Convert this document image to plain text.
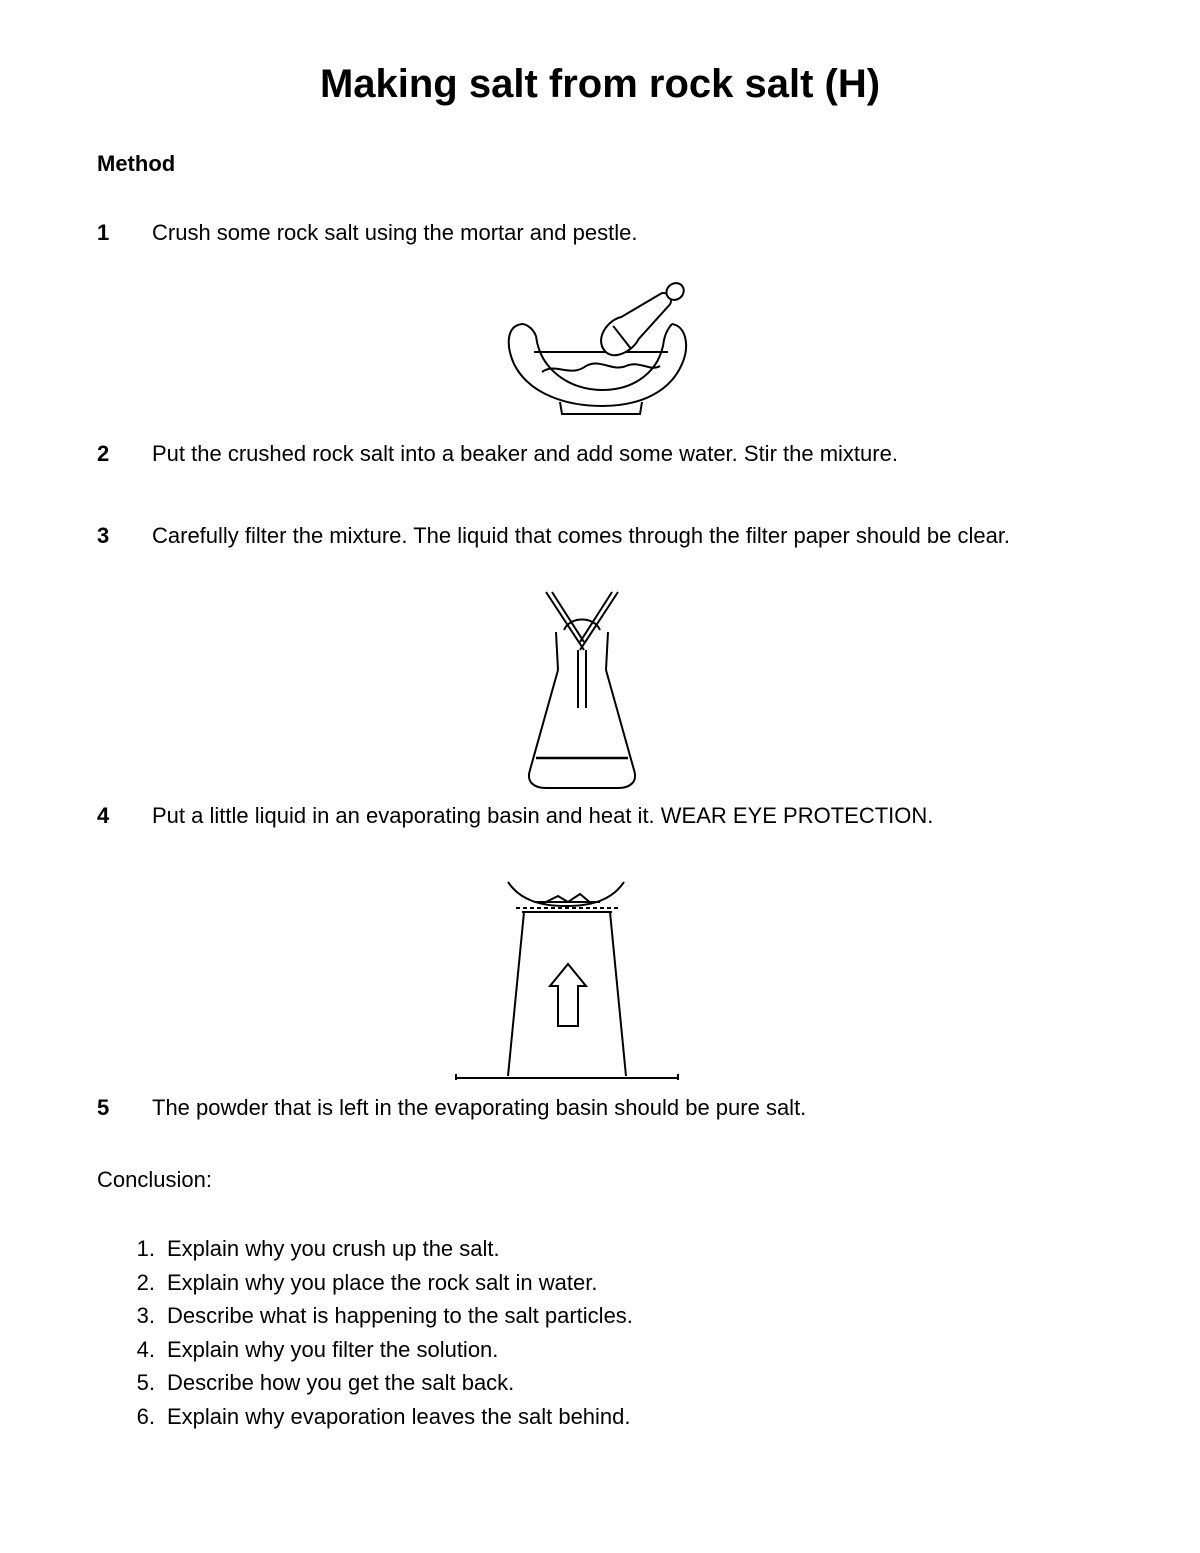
Making salt from rock salt (H)
Method
1 Crush some rock salt using the mortar and pestle.
2 Put the crushed rock salt into a beaker and add some water. Stir the mixture.
3 Carefully filter the mixture. The liquid that comes through the filter paper should be clear.
4 Put a little liquid in an evaporating basin and heat it. WEAR EYE PROTECTION.
5 The powder that is left in the evaporating basin should be pure salt.
Conclusion:
1. Explain why you crush up the salt.
2. Explain why you place the rock salt in water.
3. Describe what is happening to the salt particles.
4. Explain why you filter the solution.
5. Describe how you get the salt back.
6. Explain why evaporation leaves the salt behind.
